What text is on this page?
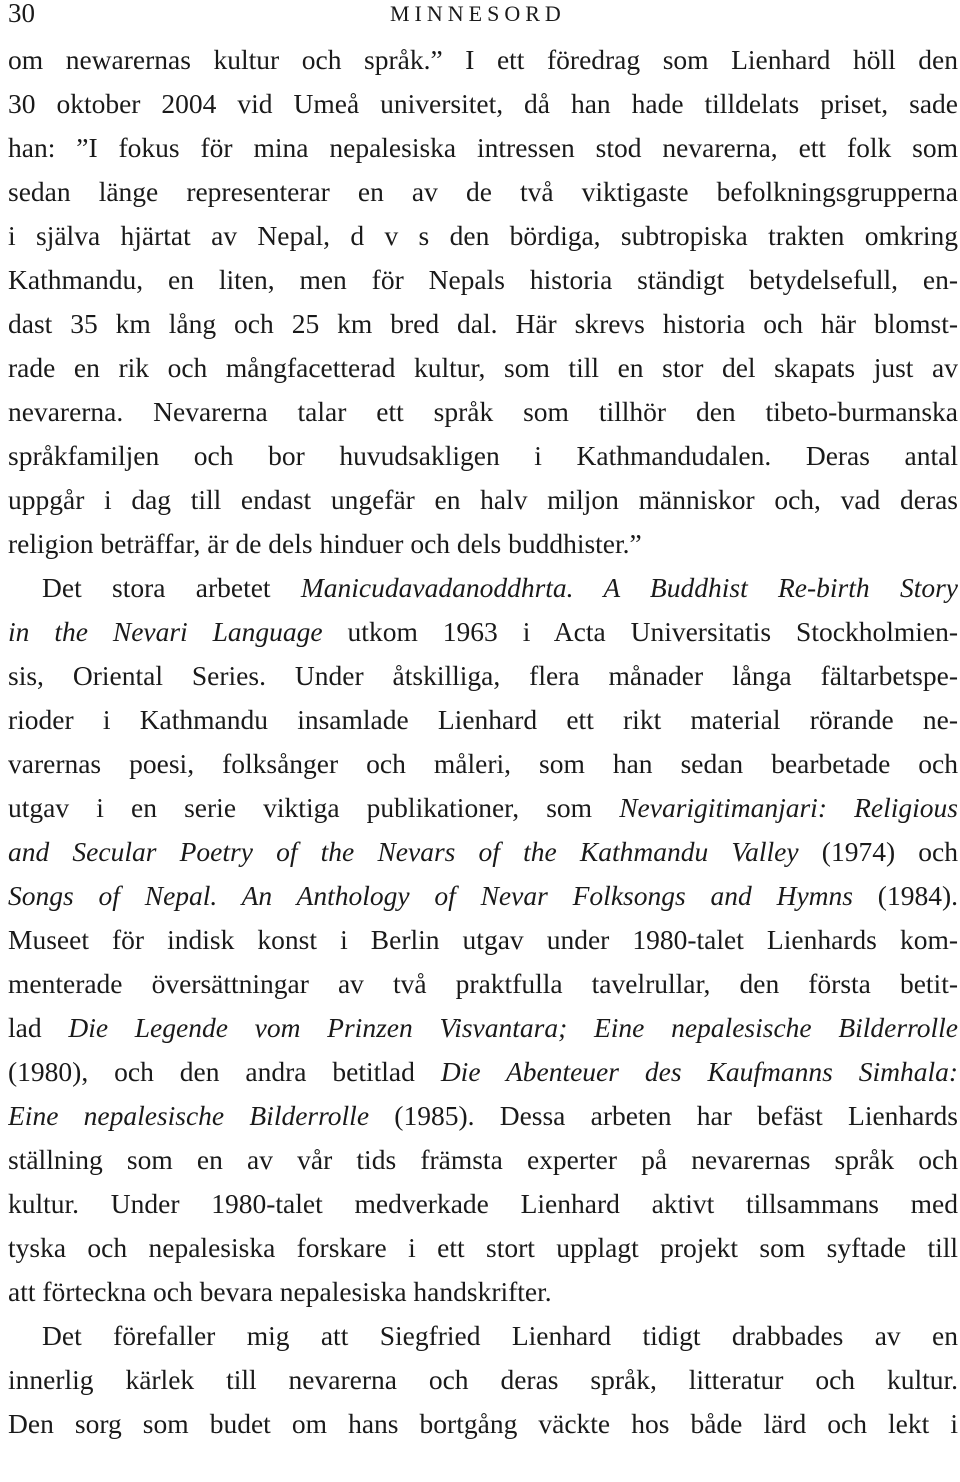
30	MINNESORD
om newarernas kultur och språk.” I ett föredrag som Lienhard höll den
30 oktober 2004 vid Umeå universitet, då han hade tilldelats priset, sade
han: ”I fokus för mina nepalesiska intressen stod nevarerna, ett folk som
sedan länge representerar en av de två viktigaste befolkningsgrupperna
i själva hjärtat av Nepal, d v s den bördiga, subtropiska trakten omkring
Kathmandu, en liten, men för Nepals historia ständigt betydelsefull, en-
dast 35 km lång och 25 km bred dal. Här skrevs historia och här blomst-
rade en rik och mångfacetterad kultur, som till en stor del skapats just av
nevarerna. Nevarerna talar ett språk som tillhör den tibeto-burmanska
språkfamiljen och bor huvudsakligen i Kathmandudalen. Deras antal
uppgår i dag till endast ungefär en halv miljon människor och, vad deras
religion beträffar, är de dels hinduer och dels buddhister.”
Det stora arbetet Manicudavadanoddhrta. A Buddhist Re-birth Story
in the Nevari Language utkom 1963 i Acta Universitatis Stockholmien-
sis, Oriental Series. Under åtskilliga, flera månader långa fältarbetspe-
rioder i Kathmandu insamlade Lienhard ett rikt material rörande ne-
varernas poesi, folksånger och måleri, som han sedan bearbetade och
utgav i en serie viktiga publikationer, som Nevarigitimanjari: Religious
and Secular Poetry of the Nevars of the Kathmandu Valley (1974) och
Songs of Nepal. An Anthology of Nevar Folksongs and Hymns (1984).
Museet för indisk konst i Berlin utgav under 1980-talet Lienhards kom-
menterade översättningar av två praktfulla tavelrullar, den första betit-
lad Die Legende vom Prinzen Visvantara; Eine nepalesische Bilderrolle
(1980), och den andra betitlad Die Abenteuer des Kaufmanns Simhala:
Eine nepalesische Bilderrolle (1985). Dessa arbeten har befäst Lienhards
ställning som en av vår tids främsta experter på nevarernas språk och
kultur. Under 1980-talet medverkade Lienhard aktivt tillsammans med
tyska och nepalesiska forskare i ett stort upplagt projekt som syftade till
att förteckna och bevara nepalesiska handskrifter.
Det förefaller mig att Siegfried Lienhard tidigt drabbades av en
innerlig kärlek till nevarerna och deras språk, litteratur och kultur.
Den sorg som budet om hans bortgång väckte hos både lärd och lekt i
